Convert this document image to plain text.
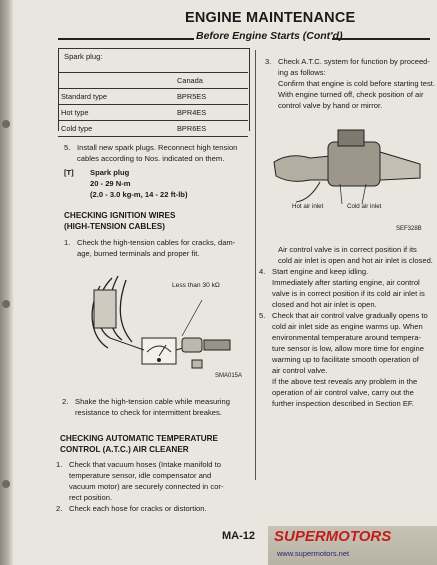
ENGINE MAINTENANCE
Before Engine Starts (Cont'd)
Spark plug:
	Canada
Standard type	BPR5ES
Hot type	BPR4ES
Cold type	BPR6ES
5. Install new spark plugs. Reconnect high tension
cables according to Nos. indicated on them.
[T] Spark plug
20 - 29 N-m
(2.0 - 3.0 kg-m, 14 - 22 ft-lb)
CHECKING IGNITION WIRES
(HIGH-TENSION CABLES)
1. Check the high-tension cables for cracks, dam-
age, burned terminals and proper fit.
Less than 30 kΩ
SMA015A
2. Shake the high-tension cable while measuring
resistance to check for intermittent breakes.
CHECKING AUTOMATIC TEMPERATURE
CONTROL (A.T.C.) AIR CLEANER
1. Check that vacuum hoses (Intake manifold to
temperature sensor, idle compensator and
vacuum motor) are securely connected in cor-
rect position.
2. Check each hose for cracks or distortion.
3. Check A.T.C. system for function by proceed-
ing as follows:
Confirm that engine is cold before starting test.
With engine turned off, check position of air
control valve by hand or mirror.
Hot air inlet	Cold air inlet
SEF328B
Air control valve is in correct position if its
cold air inlet is open and hot air inlet is closed.
4. Start engine and keep idling.
Immediately after starting engine, air control
valve is in correct position if its cold air inlet is
closed and hot air inlet is open.
5. Check that air control valve gradually opens to
cold air inlet side as engine warms up. When
environmental temperature around tempera-
ture sensor is low, allow more time for engine
warming up to facilitate smooth operation of
air control valve.
If the above test reveals any problem in the
operation of air control valve, carry out the
further inspection described in Section EF.
MA-12 SUPERMOTORS
www.supermotors.net
